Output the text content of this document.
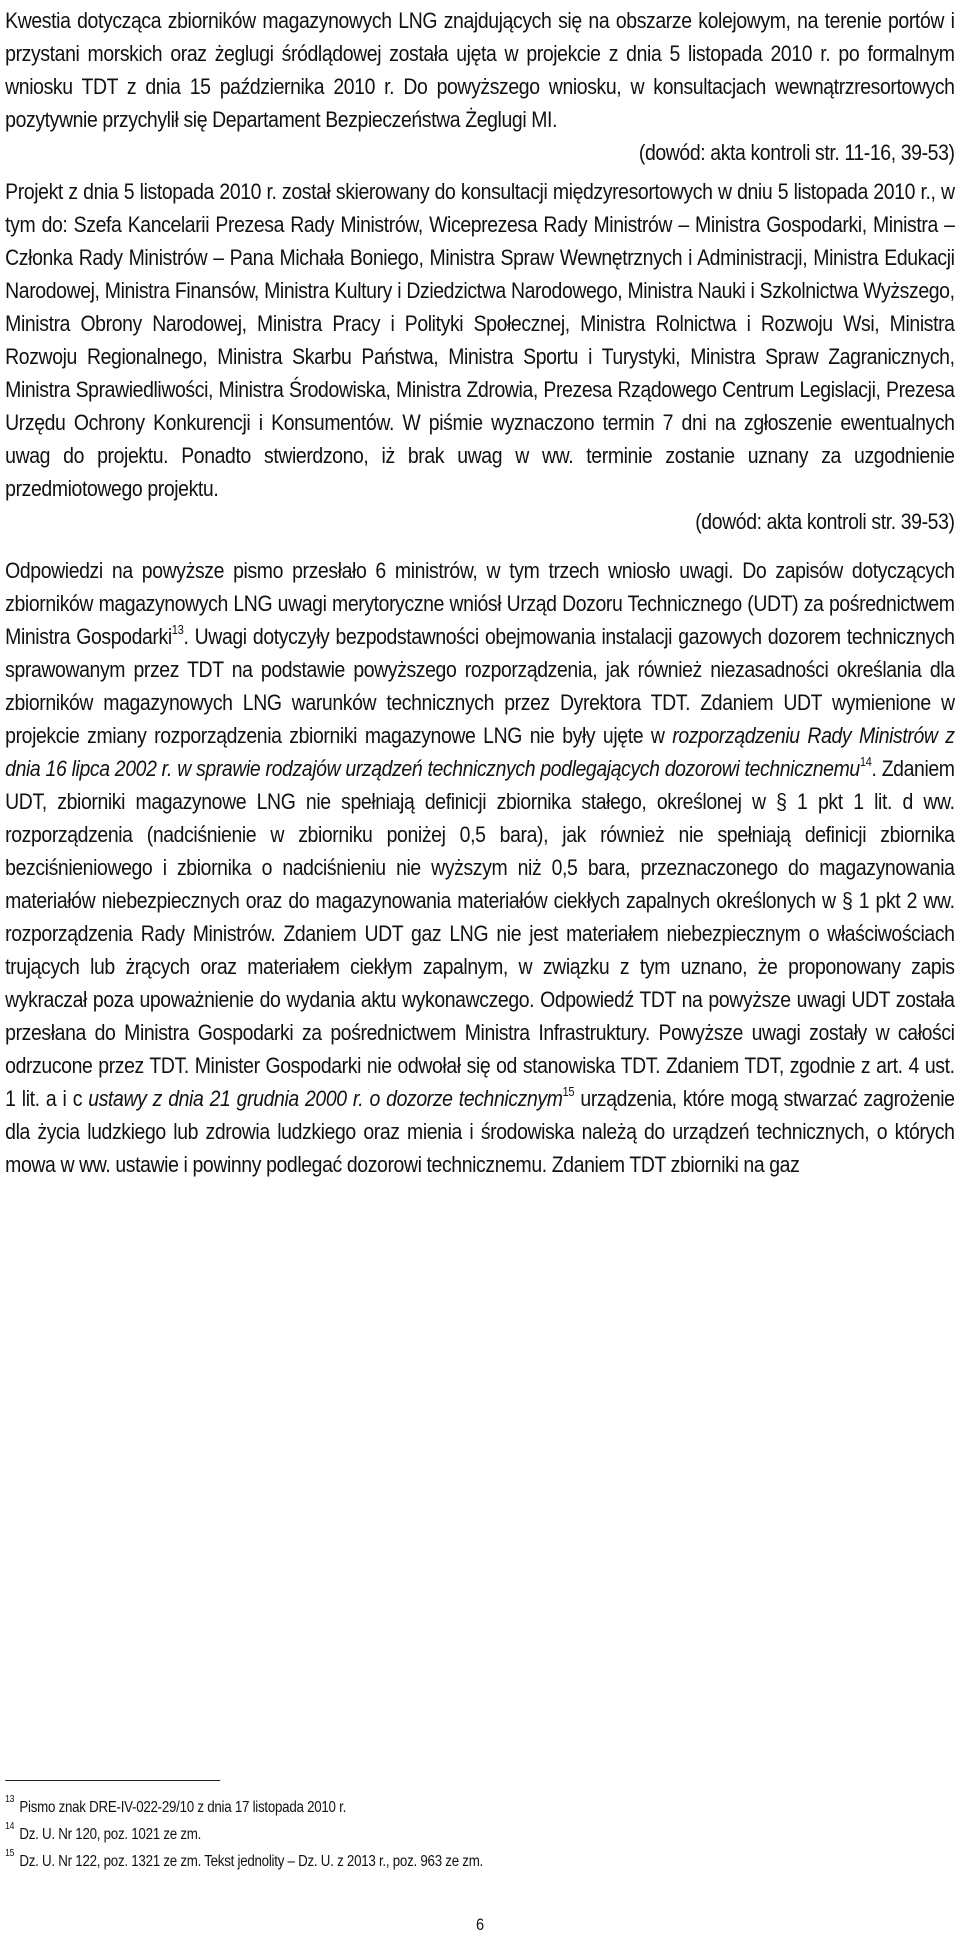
Kwestia dotycząca zbiorników magazynowych LNG znajdujących się na obszarze kolejowym, na terenie portów i przystani morskich oraz żeglugi śródlądowej została ujęta w projekcie z dnia 5 listopada 2010 r. po formalnym wniosku TDT z dnia 15 października 2010 r. Do powyższego wniosku, w konsultacjach wewnątrzresortowych pozytywnie przychylił się Departament Bezpieczeństwa Żeglugi MI.

(dowód: akta kontroli str. 11-16, 39-53)

Projekt z dnia 5 listopada 2010 r. został skierowany do konsultacji międzyresortowych w dniu 5 listopada 2010 r., w tym do: Szefa Kancelarii Prezesa Rady Ministrów, Wiceprezesa Rady Ministrów – Ministra Gospodarki, Ministra – Członka Rady Ministrów – Pana Michała Boniego, Ministra Spraw Wewnętrznych i Administracji, Ministra Edukacji Narodowej, Ministra Finansów, Ministra Kultury i Dziedzictwa Narodowego, Ministra Nauki i Szkolnictwa Wyższego, Ministra Obrony Narodowej, Ministra Pracy i Polityki Społecznej, Ministra Rolnictwa i Rozwoju Wsi, Ministra Rozwoju Regionalnego, Ministra Skarbu Państwa, Ministra Sportu i Turystyki, Ministra Spraw Zagranicznych, Ministra Sprawiedliwości, Ministra Środowiska, Ministra Zdrowia, Prezesa Rządowego Centrum Legislacji, Prezesa Urzędu Ochrony Konkurencji i Konsumentów. W piśmie wyznaczono termin 7 dni na zgłoszenie ewentualnych uwag do projektu. Ponadto stwierdzono, iż brak uwag w ww. terminie zostanie uznany za uzgodnienie przedmiotowego projektu.

(dowód: akta kontroli str. 39-53)

Odpowiedzi na powyższe pismo przesłało 6 ministrów, w tym trzech wniosło uwagi. Do zapisów dotyczących zbiorników magazynowych LNG uwagi merytoryczne wniósł Urząd Dozoru Technicznego (UDT) za pośrednictwem Ministra Gospodarki$^{13}$. Uwagi dotyczyły bezpodstawności obejmowania instalacji gazowych dozorem technicznych sprawowanym przez TDT na podstawie powyższego rozporządzenia, jak również niezasadności określania dla zbiorników magazynowych LNG warunków technicznych przez Dyrektora TDT. Zdaniem UDT wymienione w projekcie zmiany rozporządzenia zbiorniki magazynowe LNG nie były ujęte w rozporządzeniu Rady Ministrów z dnia 16 lipca 2002 r. w sprawie rodzajów urządzeń technicznych podlegających dozorowi technicznemu$^{14}$. Zdaniem UDT, zbiorniki magazynowe LNG nie spełniają definicji zbiornika stałego, określonej w § 1 pkt 1 lit. d ww. rozporządzenia (nadciśnienie w zbiorniku poniżej 0,5 bara), jak również nie spełniają definicji zbiornika bezciśnieniowego i zbiornika o nadciśnieniu nie wyższym niż 0,5 bara, przeznaczonego do magazynowania materiałów niebezpiecznych oraz do magazynowania materiałów ciekłych zapalnych określonych w § 1 pkt 2 ww. rozporządzenia Rady Ministrów. Zdaniem UDT gaz LNG nie jest materiałem niebezpiecznym o właściwościach trujących lub żrących oraz materiałem ciekłym zapalnym, w związku z tym uznano, że proponowany zapis wykraczał poza upoważnienie do wydania aktu wykonawczego. Odpowiedź TDT na powyższe uwagi UDT została przesłana do Ministra Gospodarki za pośrednictwem Ministra Infrastruktury. Powyższe uwagi zostały w całości odrzucone przez TDT. Minister Gospodarki nie odwołał się od stanowiska TDT. Zdaniem TDT, zgodnie z art. 4 ust. 1 lit. a i c ustawy z dnia 21 grudnia 2000 r. o dozorze technicznym$^{15}$ urządzenia, które mogą stwarzać zagrożenie dla życia ludzkiego lub zdrowia ludzkiego oraz mienia i środowiska należą do urządzeń technicznych, o których mowa w ww. ustawie i powinny podlegać dozorowi technicznemu. Zdaniem TDT zbiorniki na gaz

$^{13}$ Pismo znak DRE-IV-022-29/10 z dnia 17 listopada 2010 r.
$^{14}$ Dz. U. Nr 120, poz. 1021 ze zm.
$^{15}$ Dz. U. Nr 122, poz. 1321 ze zm. Tekst jednolity – Dz. U. z 2013 r., poz. 963 ze zm.
6
